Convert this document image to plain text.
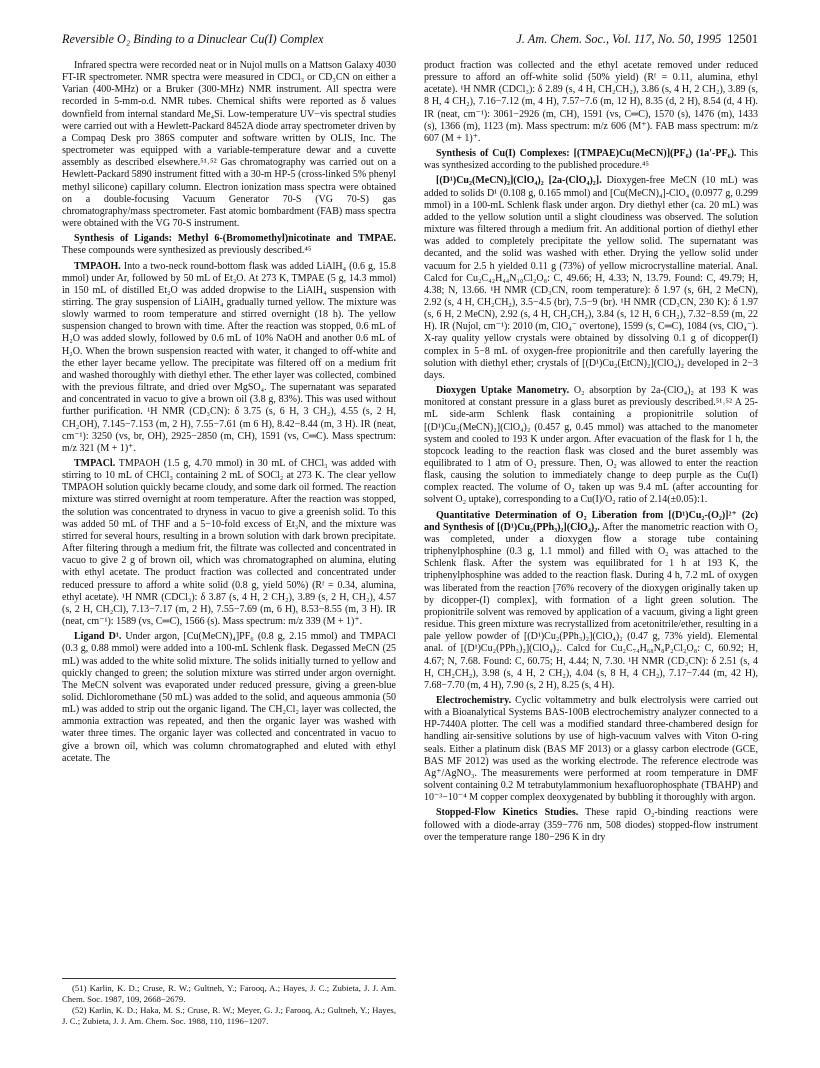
Reversible O₂ Binding to a Dinuclear Cu(I) Complex	J. Am. Chem. Soc., Vol. 117, No. 50, 1995 12501

Infrared spectra were recorded neat or in Nujol mulls on a Mattson Galaxy 4030 FT-IR spectrometer. NMR spectra were measured in CDCl₃ or CD₃CN on either a Varian (400-MHz) or a Bruker (300-MHz) NMR instrument. All spectra were recorded in 5-mm-o.d. NMR tubes. Chemical shifts were reported as δ values downfield from internal standard Me₄Si. Low-temperature UV−vis spectral studies were carried out with a Hewlett-Packard 8452A diode array spectrometer driven by a Compaq Desk pro 386S computer and software written by OLIS, Inc. The spectrometer was equipped with a variable-temperature dewar and a cuvette assembly as described elsewhere.⁵¹˒⁵² Gas chromatography was carried out on a Hewlett-Packard 5890 instrument fitted with a 30-m HP-5 (cross-linked 5% phenyl methyl silicone) capillary column. Electron ionization mass spectra were obtained on a double-focusing Vacuum Generator 70-S (VG 70-S) gas chromatography/mass spectrometer. Fast atomic bombardment (FAB) mass spectra were obtained with the VG 70-S instrument.

Synthesis of Ligands: Methyl 6-(Bromomethyl)nicotinate and TMPAE. These compounds were synthesized as previously described.⁴⁵

TMPAOH. Into a two-neck round-bottom flask was added LiAlH₄ (0.6 g, 15.8 mmol) under Ar, followed by 50 mL of Et₂O. At 273 K, TMPAE (5 g, 14.3 mmol) in 150 mL of distilled Et₂O was added dropwise to the LiAlH₄ suspension with stirring. The gray suspension of LiAlH₄ gradually turned yellow. The mixture was slowly warmed to room temperature and stirred overnight (18 h). The yellow suspension changed to brown with time. After the reaction was stopped, 0.6 mL of H₂O was added slowly, followed by 0.6 mL of 10% NaOH and another 0.6 mL of H₂O. When the brown suspension reacted with water, it changed to off-white and the ether layer became yellow. The precipitate was filtered off on a medium frit and washed thoroughly with diethyl ether. The ether layer was collected, combined with the previous filtrate, and dried over MgSO₄. The supernatant was separated and concentrated in vacuo to give a brown oil (3.8 g, 83%). This was used without further purification. ¹H NMR (CD₃CN): δ 3.75 (s, 6 H, 3 CH₂), 4.55 (s, 2 H, CH₂OH), 7.145−7.153 (m, 2 H), 7.55−7.61 (m 6 H), 8.42−8.44 (m, 3 H). IR (neat, cm⁻¹): 3250 (vs, br, OH), 2925−2850 (m, CH), 1591 (vs, C═C). Mass spectrum: m/z 321 (M + 1)⁺.

TMPACl. TMPAOH (1.5 g, 4.70 mmol) in 30 mL of CHCl₃ was added with stirring to 10 mL of CHCl₃ containing 2 mL of SOCl₂ at 273 K. The clear yellow TMPAOH solution quickly became cloudy, and some dark oil formed. The reaction mixture was stirred overnight at room temperature. After the reaction was stopped, the solution was concentrated to dryness in vacuo to give a greenish solid. To this was added 50 mL of THF and a 5−10-fold excess of Et₃N, and the mixture was stirred for several hours, resulting in a brown solution with dark brown precipitate. After filtering through a medium frit, the filtrate was collected and concentrated in vacuo to give 2 g of brown oil, which was chromatographed on alumina, eluting with ethyl acetate. The product fraction was collected and concentrated under reduced pressure to afford a white solid (0.8 g, yield 50%) (Rᶠ = 0.34, alumina, ethyl acetate). ¹H NMR (CDCl₃): δ 3.87 (s, 4 H, 2 CH₂), 3.89 (s, 2 H, CH₂), 4.57 (s, 2 H, CH₂Cl), 7.13−7.17 (m, 2 H), 7.55−7.69 (m, 6 H), 8.53−8.55 (m, 3 H). IR (neat, cm⁻¹): 1589 (vs, C═C), 1566 (s). Mass spectrum: m/z 339 (M + 1)⁺.

Ligand D¹. Under argon, [Cu(MeCN)₄]PF₆ (0.8 g, 2.15 mmol) and TMPACl (0.3 g, 0.88 mmol) were added into a 100-mL Schlenk flask. Degassed MeCN (25 mL) was added to the white solid mixture. The solids initially turned to yellow and quickly changed to green; the solution mixture was stirred under argon overnight. The MeCN solvent was evaporated under reduced pressure, giving a green-blue solid. Dichloromethane (50 mL) was added to the solid, and aqueous ammonia (50 mL) was added to strip out the organic ligand. The CH₂Cl₂ layer was collected, the ammonia extraction was repeated, and then the organic layer was washed with water three times. The organic layer was collected and concentrated in vacuo to give a brown oil, which was column chromatographed and eluted with ethyl acetate. The

product fraction was collected and the ethyl acetate removed under reduced pressure to afford an off-white solid (50% yield) (Rᶠ = 0.11, alumina, ethyl acetate). ¹H NMR (CDCl₃): δ 2.89 (s, 4 H, CH₂CH₂), 3.86 (s, 4 H, 2 CH₂), 3.89 (s, 8 H, 4 CH₂), 7.16−7.12 (m, 4 H), 7.57−7.6 (m, 12 H), 8.35 (d, 2 H), 8.54 (d, 4 H). IR (neat, cm⁻¹): 3061−2926 (m, CH), 1591 (vs, C═C), 1570 (s), 1476 (m), 1433 (s), 1366 (m), 1123 (m). Mass spectrum: m/z 606 (M⁺). FAB mass spectrum: m/z 607 (M + 1)⁺.

Synthesis of Cu(I) Complexes: [(TMPAE)Cu(MeCN)](PF₆) (1a′-PF₆). This was synthesized according to the published procedure.⁴⁵

[(D¹)Cu₂(MeCN)₂](ClO₄)₂ [2a-(ClO₄)₂]. Dioxygen-free MeCN (10 mL) was added to solids D¹ (0.108 g, 0.165 mmol) and [Cu(MeCN)₄]-ClO₄ (0.0977 g, 0.299 mmol) in a 100-mL Schlenk flask under argon. Dry diethyl ether (ca. 20 mL) was added to the yellow solution until a slight cloudiness was observed. The solution mixture was filtered through a medium frit. An additional portion of diethyl ether was added to completely precipitate the yellow solid. The supernatant was decanted, and the solid was washed with ether. Drying the yellow solid under vacuum for 2.5 h yielded 0.11 g (73%) of yellow microcrystalline material. Anal. Calcd for Cu₂C₄₂H₄₄N₁₀Cl₂O₈: C, 49.66; H, 4.33; N, 13.79. Found: C, 49.79; H, 4.38; N, 13.66. ¹H NMR (CD₃CN, room temperature): δ 1.97 (s, 6H, 2 MeCN), 2.92 (s, 4 H, CH₂CH₂), 3.5−4.5 (br), 7.5−9 (br). ¹H NMR (CD₃CN, 230 K): δ 1.97 (s, 6 H, 2 MeCN), 2.92 (s, 4 H, CH₂CH₂), 3.84 (s, 12 H, 6 CH₂), 7.32−8.59 (m, 22 H). IR (Nujol, cm⁻¹): 2010 (m, ClO₄⁻ overtone), 1599 (s, C═C), 1084 (vs, ClO₄⁻). X-ray quality yellow crystals were obtained by dissolving 0.1 g of dicopper(I) complex in 5−8 mL of oxygen-free propionitrile and then carefully layering the solution with diethyl ether; crystals of [(D¹)Cu₂(EtCN)₂](ClO₄)₂ developed in 2−3 days.

Dioxygen Uptake Manometry. O₂ absorption by 2a-(ClO₄)₂ at 193 K was monitored at constant pressure in a glass buret as previously described.⁵¹˒⁵² A 25-mL side-arm Schlenk flask containing a propionitrile solution of [(D¹)Cu₂(MeCN)₂](ClO₄)₂ (0.457 g, 0.45 mmol) was attached to the manometer system and cooled to 193 K under argon. After evacuation of the flask for 1 h, the stopcock leading to the reaction flask was closed and the buret assembly was equilibrated to 1 atm of O₂ pressure. Then, O₂ was allowed to enter the reaction flask, causing the solution to immediately change to deep purple as the Cu(I) complex reacted. The volume of O₂ taken up was 9.4 mL (after accounting for solvent O₂ uptake), corresponding to a Cu(I)/O₂ ratio of 2.14(±0.05):1.

Quantitative Determination of O₂ Liberation from [(D¹)Cu₂-(O₂)]²⁺ (2c) and Synthesis of [(D¹)Cu₂(PPh₃)₂](ClO₄)₂. After the manometric reaction with O₂ was completed, under a dioxygen flow a storage tube containing triphenylphosphine (0.3 g, 1.1 mmol) and filled with O₂ was attached to the Schlenk flask. After the system was equilibrated for 1 h at 193 K, the triphenylphosphine was added to the reaction flask. During 4 h, 7.2 mL of oxygen was liberated from the reaction [76% recovery of the dioxygen originally taken up by dicopper-(I) complex], with formation of a light green solution. The propionitrile solvent was removed by application of a vacuum, giving a light green residue. This green mixture was recrystallized from acetonitrile/ether, resulting in a pale yellow powder of [(D¹)Cu₂(PPh₃)₂](ClO₄)₂ (0.47 g, 73% yield). Elemental anal. of [(D¹)Cu₂(PPh₃)₂](ClO₄)₂. Calcd for Cu₂C₇₄H₆₈N₈P₂Cl₂O₈: C, 60.92; H, 4.67; N, 7.68. Found: C, 60.75; H, 4.44; N, 7.30. ¹H NMR (CD₃CN): δ 2.51 (s, 4 H, CH₂CH₂), 3.98 (s, 4 H, 2 CH₂), 4.04 (s, 8 H, 4 CH₂), 7.17−7.44 (m, 42 H), 7.68−7.70 (m, 4 H), 7.90 (s, 2 H), 8.25 (s, 4 H).

Electrochemistry. Cyclic voltammetry and bulk electrolysis were carried out with a Bioanalytical Systems BAS-100B electrochemistry analyzer connected to a HP-7440A plotter. The cell was a modified standard three-chambered design for handling air-sensitive solutions by use of high-vacuum valves with Viton O-ring seals. Either a platinum disk (BAS MF 2013) or a glassy carbon electrode (GCE, BAS MF 2012) was used as the working electrode. The reference electrode was Ag⁺/AgNO₃. The measurements were performed at room temperature in DMF solvent containing 0.2 M tetrabutylammonium hexafluorophosphate (TBAHP) and 10⁻³−10⁻⁴ M copper complex deoxygenated by bubbling it thoroughly with argon.

Stopped-Flow Kinetics Studies. These rapid O₂-binding reactions were followed with a diode-array (359−776 nm, 508 diodes) stopped-flow instrument over the temperature range 180−296 K in dry

(51) Karlin, K. D.; Cruse, R. W.; Gultneh, Y.; Farooq, A.; Hayes, J. C.; Zubieta, J. J. Am. Chem. Soc. 1987, 109, 2668−2679.

(52) Karlin, K. D.; Haka, M. S.; Cruse, R. W.; Meyer, G. J.; Farooq, A.; Gultneh, Y.; Hayes, J. C.; Zubieta, J. J. Am. Chem. Soc. 1988, 110, 1196−1207.
